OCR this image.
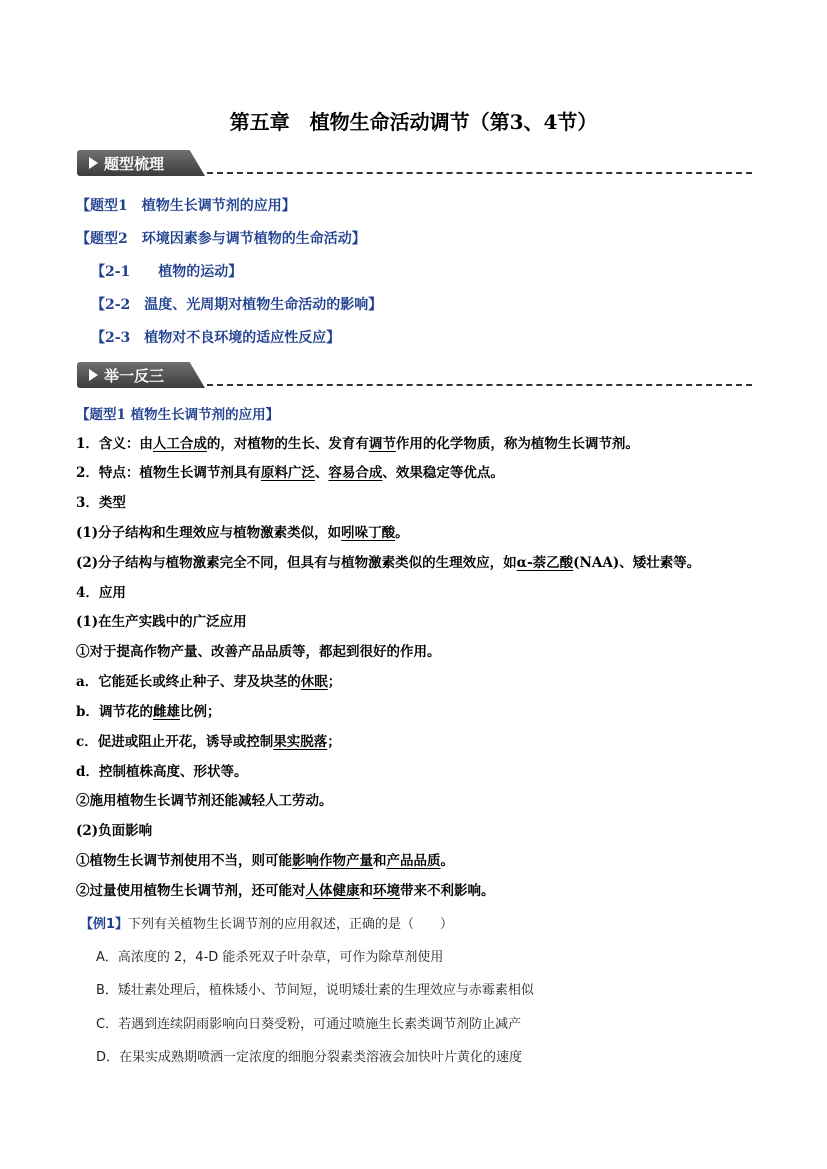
第五章　植物生命活动调节（第3、4节）
题型梳理
【题型1　植物生长调节剂的应用】
【题型2　环境因素参与调节植物的生命活动】
【2-1　　植物的运动】
【2-2　温度、光周期对植物生命活动的影响】
【2-3　植物对不良环境的适应性反应】
举一反三
【题型1 植物生长调节剂的应用】
1．含义：由人工合成的，对植物的生长、发育有调节作用的化学物质，称为植物生长调节剂。
2．特点：植物生长调节剂具有原料广泛、容易合成、效果稳定等优点。
3．类型
(1)分子结构和生理效应与植物激素类似，如吲哚丁酸。
(2)分子结构与植物激素完全不同，但具有与植物激素类似的生理效应，如α-萘乙酸(NAA)、矮壮素等。
4．应用
(1)在生产实践中的广泛应用
①对于提高作物产量、改善产品品质等，都起到很好的作用。
a．它能延长或终止种子、芽及块茎的休眠；
b．调节花的雌雄比例；
c．促进或阻止开花，诱导或控制果实脱落；
d．控制植株高度、形状等。
②施用植物生长调节剂还能减轻人工劳动。
(2)负面影响
①植物生长调节剂使用不当，则可能影响作物产量和产品品质。
②过量使用植物生长调节剂，还可能对人体健康和环境带来不利影响。
【例1】下列有关植物生长调节剂的应用叙述，正确的是（　　）
A．高浓度的 2，4-D 能杀死双子叶杂草，可作为除草剂使用
B．矮壮素处理后，植株矮小、节间短，说明矮壮素的生理效应与赤霉素相似
C．若遇到连续阴雨影响向日葵受粉，可通过喷施生长素类调节剂防止减产
D．在果实成熟期喷洒一定浓度的细胞分裂素类溶液会加快叶片黄化的速度
